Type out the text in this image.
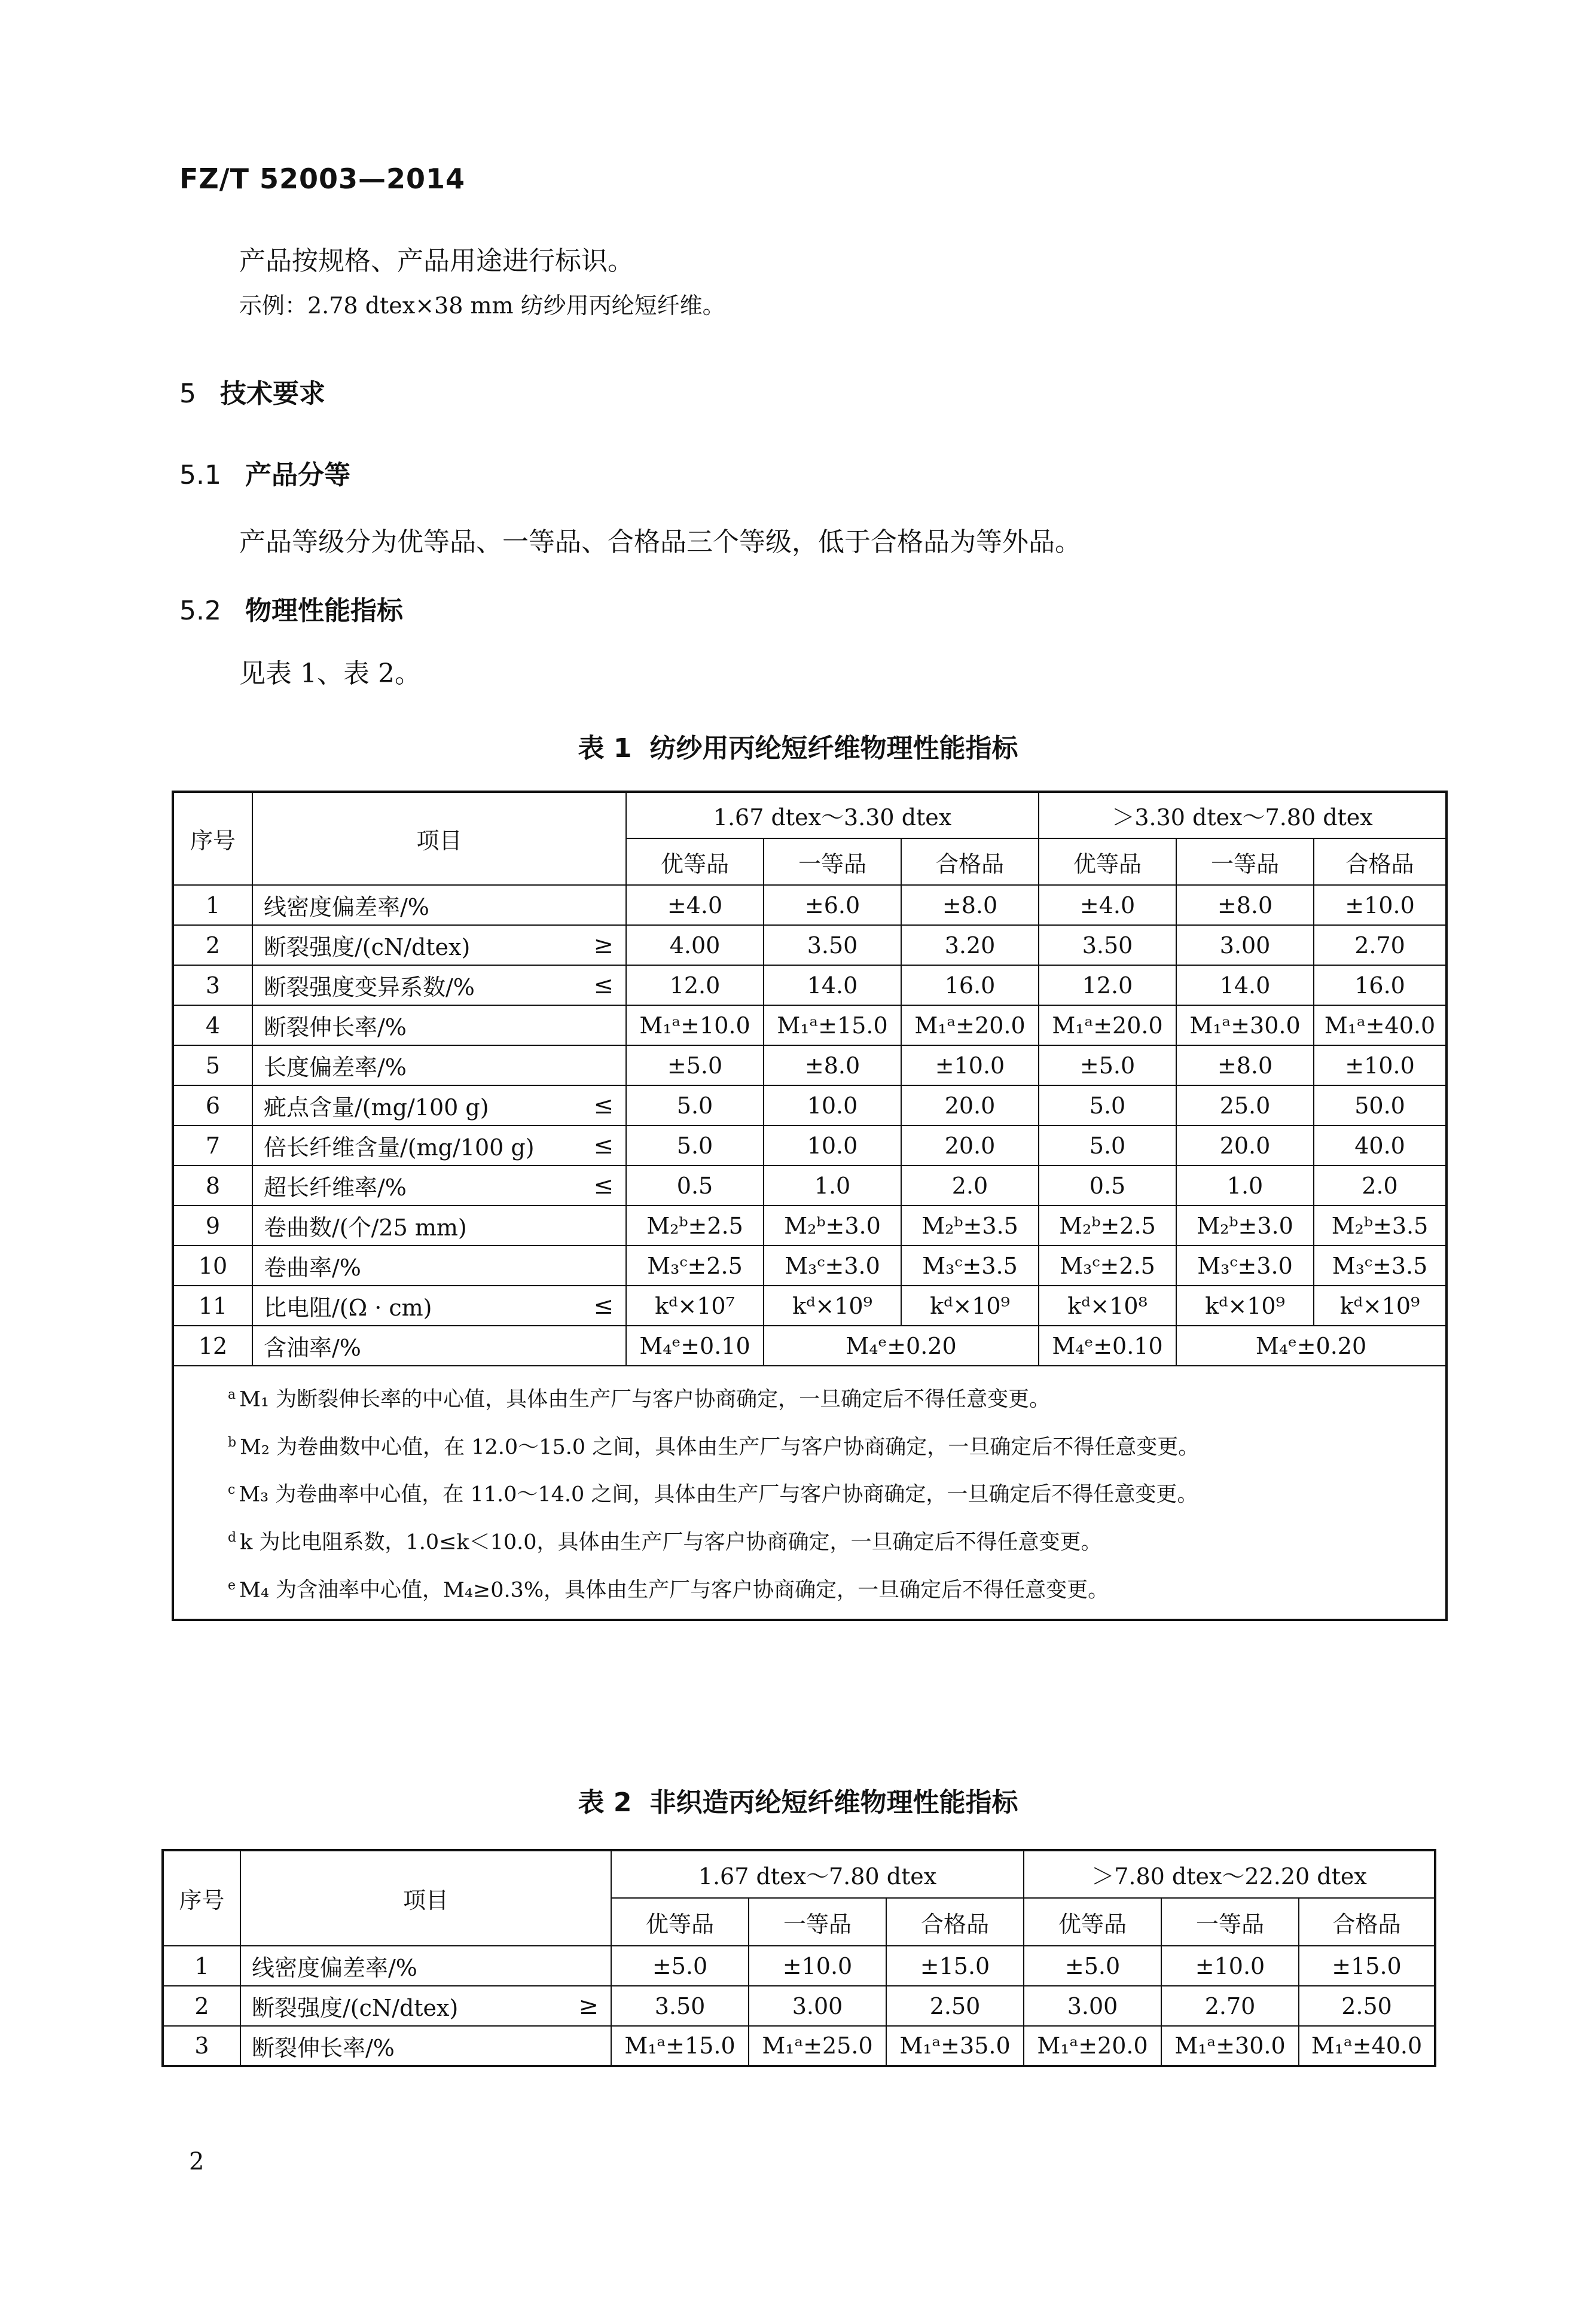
FZ/T 52003—2014
产品按规格、产品用途进行标识。
示例：2.78 dtex×38 mm 纺纱用丙纶短纤维。
5 技术要求
5.1 产品分等
产品等级分为优等品、一等品、合格品三个等级，低于合格品为等外品。
5.2 物理性能指标
见表 1、表 2。
表 1 纺纱用丙纶短纤维物理性能指标
序号	项目	1.67 dtex～3.30 dtex			＞3.30 dtex～7.80 dtex		
		优等品	一等品	合格品	优等品	一等品	合格品
1	线密度偏差率/%	±4.0	±6.0	±8.0	±4.0	±8.0	±10.0
2	断裂强度/(cN/dtex) ≥	4.00	3.50	3.20	3.50	3.00	2.70
3	断裂强度变异系数/% ≤	12.0	14.0	16.0	12.0	14.0	16.0
4	断裂伸长率/%	M₁ᵃ±10.0	M₁ᵃ±15.0	M₁ᵃ±20.0	M₁ᵃ±20.0	M₁ᵃ±30.0	M₁ᵃ±40.0
5	长度偏差率/%	±5.0	±8.0	±10.0	±5.0	±8.0	±10.0
6	疵点含量/(mg/100 g) ≤	5.0	10.0	20.0	5.0	25.0	50.0
7	倍长纤维含量/(mg/100 g) ≤	5.0	10.0	20.0	5.0	20.0	40.0
8	超长纤维率/% ≤	0.5	1.0	2.0	0.5	1.0	2.0
9	卷曲数/(个/25 mm)	M₂ᵇ±2.5	M₂ᵇ±3.0	M₂ᵇ±3.5	M₂ᵇ±2.5	M₂ᵇ±3.0	M₂ᵇ±3.5
10	卷曲率/%	M₃ᶜ±2.5	M₃ᶜ±3.0	M₃ᶜ±3.5	M₃ᶜ±2.5	M₃ᶜ±3.0	M₃ᶜ±3.5
11	比电阻/(Ω · cm) ≤	kᵈ×10⁷	kᵈ×10⁹	kᵈ×10⁹	kᵈ×10⁸	kᵈ×10⁹	kᵈ×10⁹
12	含油率/%	M₄ᵉ±0.10	M₄ᵉ±0.20		M₄ᵉ±0.10	M₄ᵉ±0.20	

$^a$ M₁ 为断裂伸长率的中心值，具体由生产厂与客户协商确定，一旦确定后不得任意变更。
$^b$ M₂ 为卷曲数中心值，在 12.0～15.0 之间，具体由生产厂与客户协商确定，一旦确定后不得任意变更。
$^c$ M₃ 为卷曲率中心值，在 11.0～14.0 之间，具体由生产厂与客户协商确定，一旦确定后不得任意变更。
$^d$ k 为比电阻系数，1.0≤k＜10.0，具体由生产厂与客户协商确定，一旦确定后不得任意变更。
$^e$ M₄ 为含油率中心值，M₄≥0.3%，具体由生产厂与客户协商确定，一旦确定后不得任意变更。							
表 2 非织造丙纶短纤维物理性能指标
序号	项目	1.67 dtex～7.80 dtex			＞7.80 dtex～22.20 dtex		
		优等品	一等品	合格品	优等品	一等品	合格品
1	线密度偏差率/%	±5.0	±10.0	±15.0	±5.0	±10.0	±15.0
2	断裂强度/(cN/dtex) ≥	3.50	3.00	2.50	3.00	2.70	2.50
3	断裂伸长率/%	M₁ᵃ±15.0	M₁ᵃ±25.0	M₁ᵃ±35.0	M₁ᵃ±20.0	M₁ᵃ±30.0	M₁ᵃ±40.0
2
